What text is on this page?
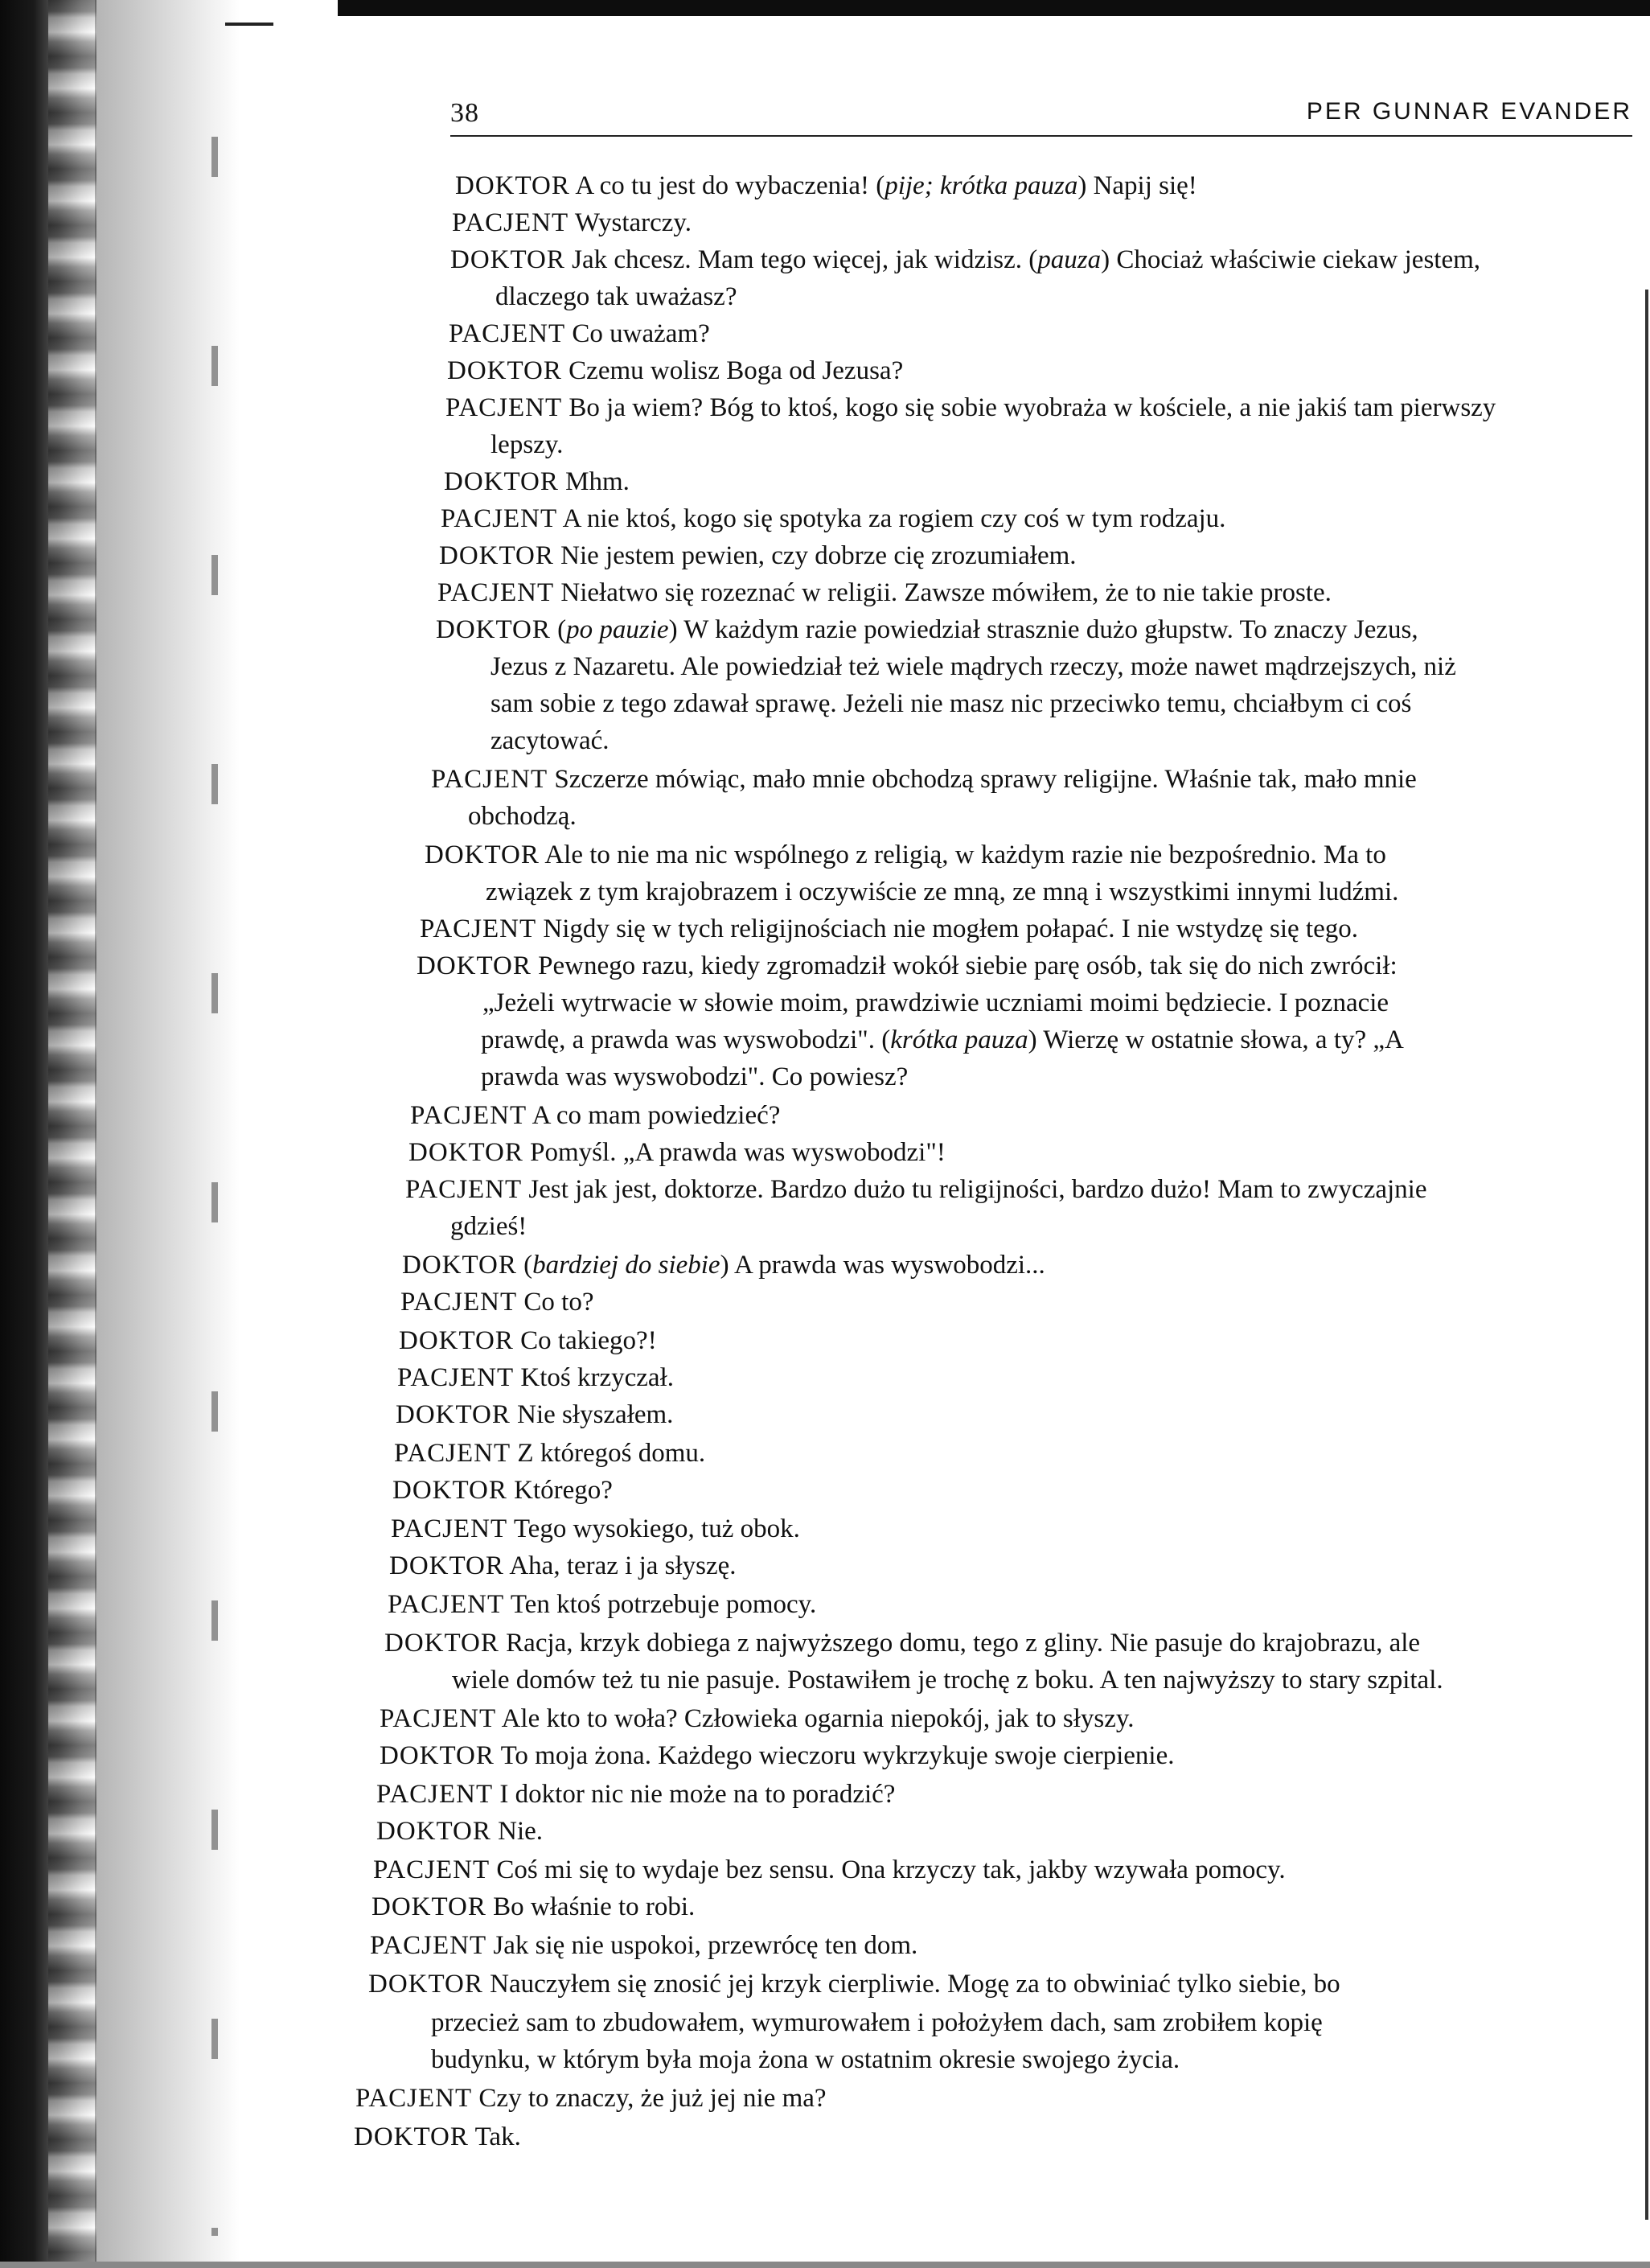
38	PER GUNNAR EVANDER
DOKTOR A co tu jest do wybaczenia! (pije; krótka pauza) Napij się!
PACJENT Wystarczy.
DOKTOR Jak chcesz. Mam tego więcej, jak widzisz. (pauza) Chociaż właściwie ciekaw jestem,
dlaczego tak uważasz?
PACJENT Co uważam?
DOKTOR Czemu wolisz Boga od Jezusa?
PACJENT Bo ja wiem? Bóg to ktoś, kogo się sobie wyobraża w kościele, a nie jakiś tam pierwszy
lepszy.
DOKTOR Mhm.
PACJENT A nie ktoś, kogo się spotyka za rogiem czy coś w tym rodzaju.
DOKTOR Nie jestem pewien, czy dobrze cię zrozumiałem.
PACJENT Niełatwo się rozeznać w religii. Zawsze mówiłem, że to nie takie proste.
DOKTOR (po pauzie) W każdym razie powiedział strasznie dużo głupstw. To znaczy Jezus,
Jezus z Nazaretu. Ale powiedział też wiele mądrych rzeczy, może nawet mądrzejszych, niż
sam sobie z tego zdawał sprawę. Jeżeli nie masz nic przeciwko temu, chciałbym ci coś
zacytować.
PACJENT Szczerze mówiąc, mało mnie obchodzą sprawy religijne. Właśnie tak, mało mnie
obchodzą.
DOKTOR Ale to nie ma nic wspólnego z religią, w każdym razie nie bezpośrednio. Ma to
związek z tym krajobrazem i oczywiście ze mną, ze mną i wszystkimi innymi ludźmi.
PACJENT Nigdy się w tych religijnościach nie mogłem połapać. I nie wstydzę się tego.
DOKTOR Pewnego razu, kiedy zgromadził wokół siebie parę osób, tak się do nich zwrócił:
„Jeżeli wytrwacie w słowie moim, prawdziwie uczniami moimi będziecie. I poznacie
prawdę, a prawda was wyswobodzi". (krótka pauza) Wierzę w ostatnie słowa, a ty? „A
prawda was wyswobodzi". Co powiesz?
PACJENT A co mam powiedzieć?
DOKTOR Pomyśl. „A prawda was wyswobodzi"!
PACJENT Jest jak jest, doktorze. Bardzo dużo tu religijności, bardzo dużo! Mam to zwyczajnie
gdzieś!
DOKTOR (bardziej do siebie) A prawda was wyswobodzi...
PACJENT Co to?
DOKTOR Co takiego?!
PACJENT Ktoś krzyczał.
DOKTOR Nie słyszałem.
PACJENT Z któregoś domu.
DOKTOR Którego?
PACJENT Tego wysokiego, tuż obok.
DOKTOR Aha, teraz i ja słyszę.
PACJENT Ten ktoś potrzebuje pomocy.
DOKTOR Racja, krzyk dobiega z najwyższego domu, tego z gliny. Nie pasuje do krajobrazu, ale
wiele domów też tu nie pasuje. Postawiłem je trochę z boku. A ten najwyższy to stary szpital.
PACJENT Ale kto to woła? Człowieka ogarnia niepokój, jak to słyszy.
DOKTOR To moja żona. Każdego wieczoru wykrzykuje swoje cierpienie.
PACJENT I doktor nic nie może na to poradzić?
DOKTOR Nie.
PACJENT Coś mi się to wydaje bez sensu. Ona krzyczy tak, jakby wzywała pomocy.
DOKTOR Bo właśnie to robi.
PACJENT Jak się nie uspokoi, przewrócę ten dom.
DOKTOR Nauczyłem się znosić jej krzyk cierpliwie. Mogę za to obwiniać tylko siebie, bo
przecież sam to zbudowałem, wymurowałem i położyłem dach, sam zrobiłem kopię
budynku, w którym była moja żona w ostatnim okresie swojego życia.
PACJENT Czy to znaczy, że już jej nie ma?
DOKTOR Tak.
